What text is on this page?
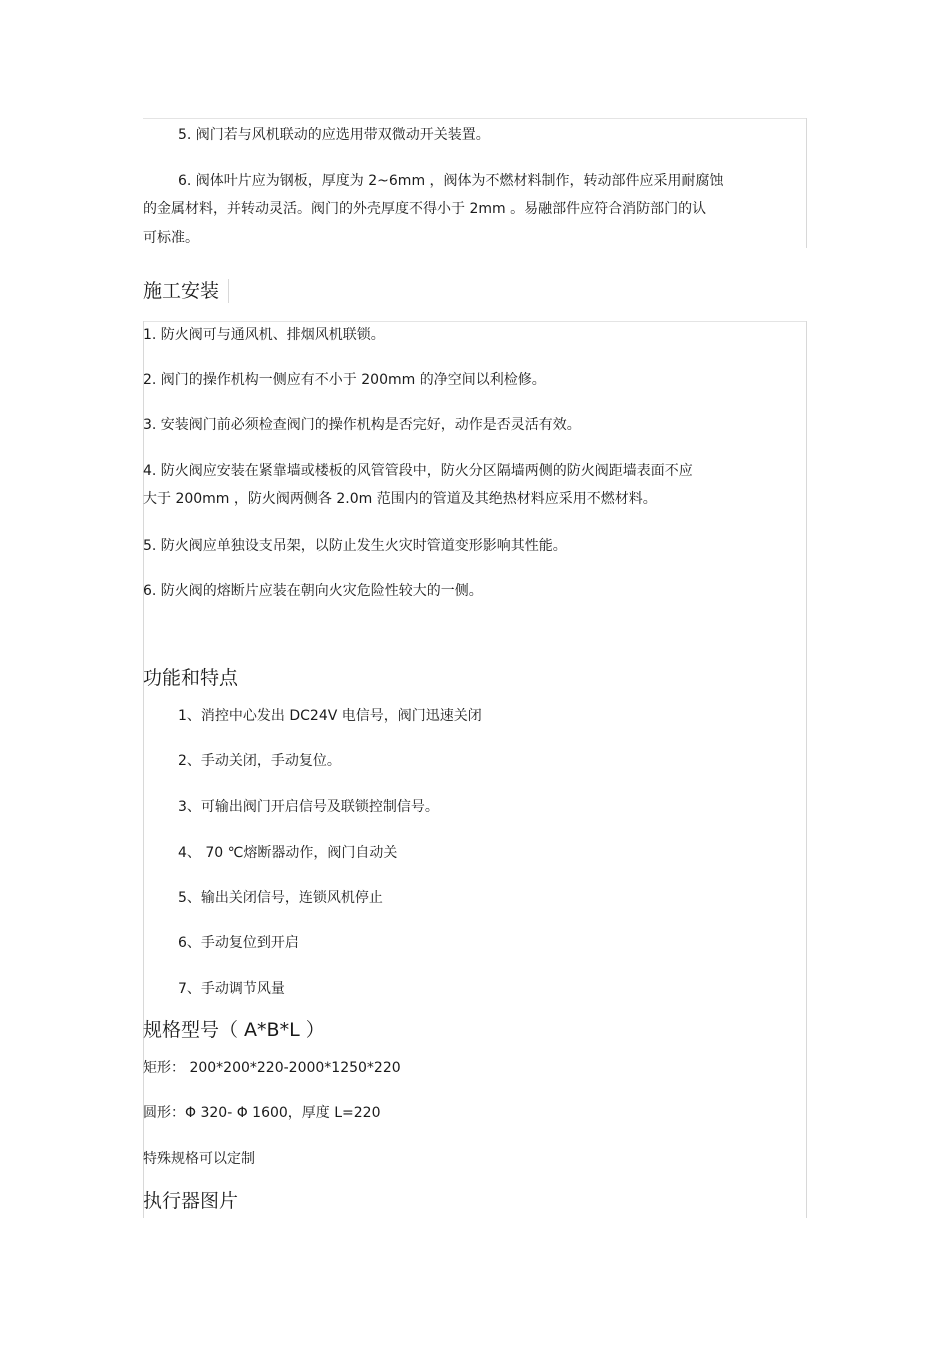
5. 阀门若与风机联动的应选用带双微动开关装置。

6. 阀体叶片应为钢板，厚度为 2~6mm ，阀体为不燃材料制作，转动部件应采用耐腐蚀

的金属材料，并转动灵活。阀门的外壳厚度不得小于 2mm 。易融部件应符合消防部门的认

可标准。

施工安装

1. 防火阀可与通风机、排烟风机联锁。

2. 阀门的操作机构一侧应有不小于 200mm 的净空间以利检修。

3. 安装阀门前必须检查阀门的操作机构是否完好，动作是否灵活有效。

4. 防火阀应安装在紧靠墙或楼板的风管管段中，防火分区隔墙两侧的防火阀距墙表面不应

大于 200mm ，防火阀两侧各 2.0m 范围内的管道及其绝热材料应采用不燃材料。

5. 防火阀应单独设支吊架，以防止发生火灾时管道变形影响其性能。

6. 防火阀的熔断片应装在朝向火灾危险性较大的一侧。

功能和特点

1、消控中心发出 DC24V 电信号，阀门迅速关闭

2、手动关闭，手动复位。

3、可输出阀门开启信号及联锁控制信号。

4、 70 ℃熔断器动作，阀门自动关

5、输出关闭信号，连锁风机停止

6、手动复位到开启

7、手动调节风量

规格型号（ A*B*L ）

矩形： 200*200*220-2000*1250*220

圆形：Φ 320- Φ 1600，厚度 L=220

特殊规格可以定制

执行器图片
